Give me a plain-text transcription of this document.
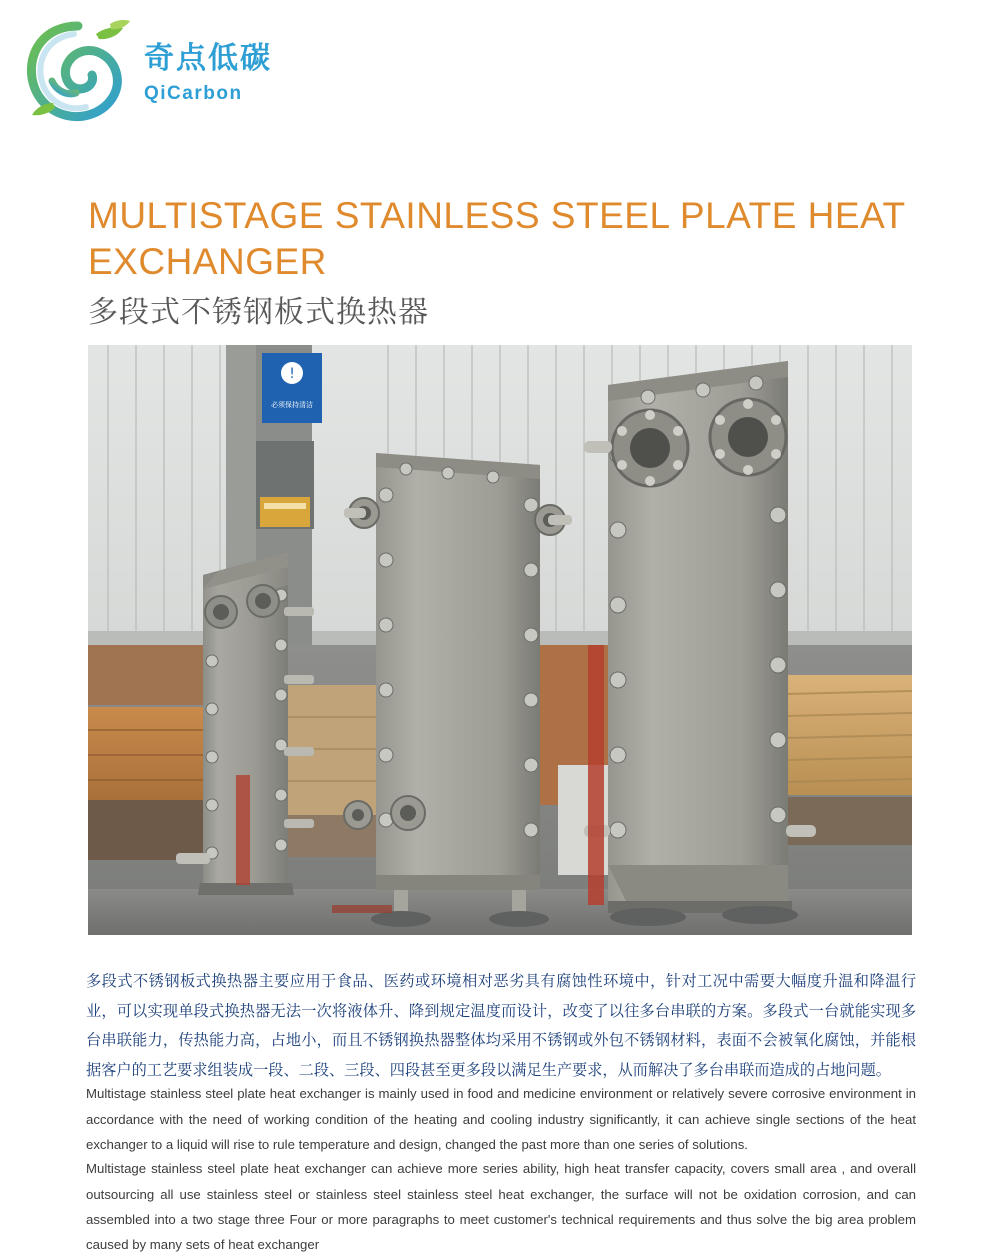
奇点低碳
QiCarbon
MULTISTAGE STAINLESS STEEL PLATE HEAT EXCHANGER
多段式不锈钢板式换热器
!
必须保持清洁

多段式不锈钢板式换热器主要应用于食品、医药或环境相对恶劣具有腐蚀性环境中，针对工况中需要大幅度升温和降温行业，可以实现单段式换热器无法一次将液体升、降到规定温度而设计，改变了以往多台串联的方案。多段式一台就能实现多台串联能力，传热能力高，占地小，而且不锈钢换热器整体均采用不锈钢或外包不锈钢材料，表面不会被氧化腐蚀，并能根据客户的工艺要求组装成一段、二段、三段、四段甚至更多段以满足生产要求，从而解决了多台串联而造成的占地问题。

Multistage stainless steel plate heat exchanger is mainly used in food and medicine environment or relatively severe corrosive environment in accordance with the need of working condition of the heating and cooling industry significantly, it can achieve single sections of the heat exchanger to a liquid will rise to rule temperature and design, changed the past more than one series of solutions.

Multistage stainless steel plate heat exchanger can achieve more series ability, high heat transfer capacity, covers small area , and overall outsourcing all use stainless steel or stainless steel stainless steel heat exchanger, the surface will not be oxidation corrosion, and can assembled into a two stage three Four or more paragraphs to meet customer's technical requirements and thus solve the big area problem caused by many sets of heat exchanger
